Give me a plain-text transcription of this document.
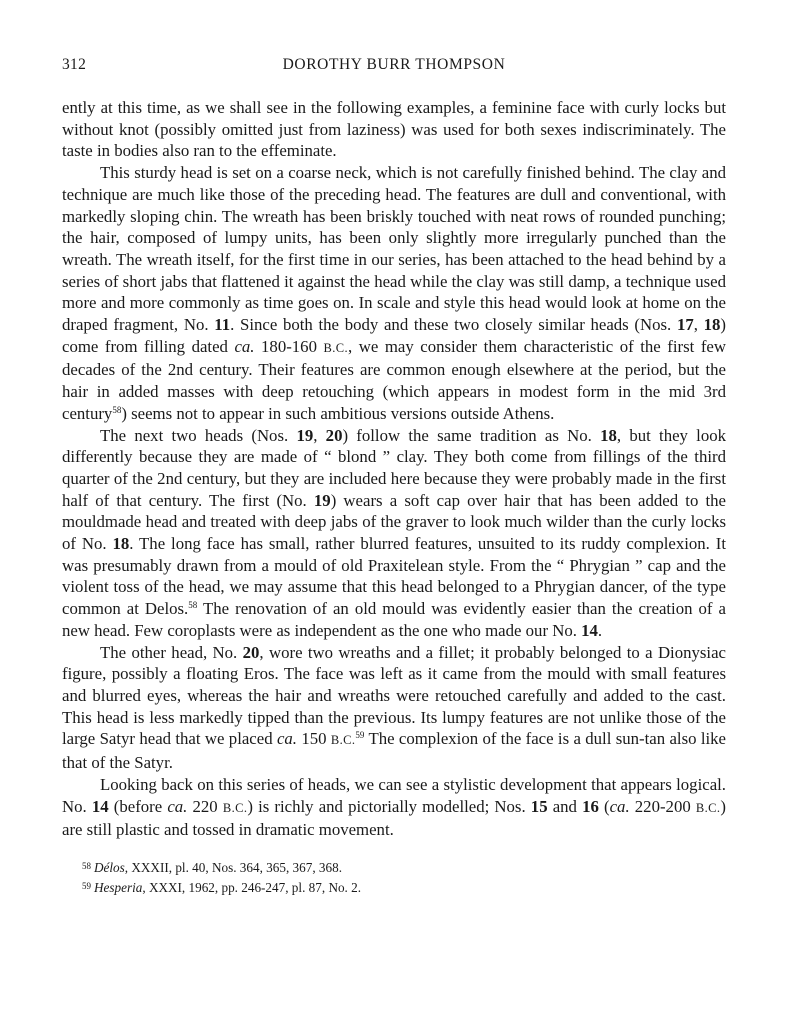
312	DOROTHY BURR THOMPSON

ently at this time, as we shall see in the following examples, a feminine face with curly locks but without knot (possibly omitted just from laziness) was used for both sexes indiscriminately. The taste in bodies also ran to the effeminate.

This sturdy head is set on a coarse neck, which is not carefully finished behind. The clay and technique are much like those of the preceding head. The features are dull and conventional, with markedly sloping chin. The wreath has been briskly touched with neat rows of rounded punching; the hair, composed of lumpy units, has been only slightly more irregularly punched than the wreath. The wreath itself, for the first time in our series, has been attached to the head behind by a series of short jabs that flattened it against the head while the clay was still damp, a technique used more and more commonly as time goes on. In scale and style this head would look at home on the draped fragment, No. 11. Since both the body and these two closely similar heads (Nos. 17, 18) come from filling dated ca. 180-160 B.C., we may consider them characteristic of the first few decades of the 2nd century. Their features are common enough elsewhere at the period, but the hair in added masses with deep retouching (which appears in modest form in the mid 3rd century$^{58}$) seems not to appear in such ambitious versions outside Athens.

The next two heads (Nos. 19, 20) follow the same tradition as No. 18, but they look differently because they are made of “ blond ” clay. They both come from fillings of the third quarter of the 2nd century, but they are included here because they were probably made in the first half of that century. The first (No. 19) wears a soft cap over hair that has been added to the mouldmade head and treated with deep jabs of the graver to look much wilder than the curly locks of No. 18. The long face has small, rather blurred features, unsuited to its ruddy complexion. It was presumably drawn from a mould of old Praxitelean style. From the “ Phrygian ” cap and the violent toss of the head, we may assume that this head belonged to a Phrygian dancer, of the type common at Delos.$^{58}$ The renovation of an old mould was evidently easier than the creation of a new head. Few coroplasts were as independent as the one who made our No. 14.

The other head, No. 20, wore two wreaths and a fillet; it probably belonged to a Dionysiac figure, possibly a floating Eros. The face was left as it came from the mould with small features and blurred eyes, whereas the hair and wreaths were retouched carefully and added to the cast. This head is less markedly tipped than the previous. Its lumpy features are not unlike those of the large Satyr head that we placed ca. 150 B.C.$^{59}$ The complexion of the face is a dull sun-tan also like that of the Satyr.

Looking back on this series of heads, we can see a stylistic development that appears logical. No. 14 (before ca. 220 B.C.) is richly and pictorially modelled; Nos. 15 and 16 (ca. 220-200 B.C.) are still plastic and tossed in dramatic movement.

$^{58}$ Délos, XXXII, pl. 40, Nos. 364, 365, 367, 368.

$^{59}$ Hesperia, XXXI, 1962, pp. 246-247, pl. 87, No. 2.
